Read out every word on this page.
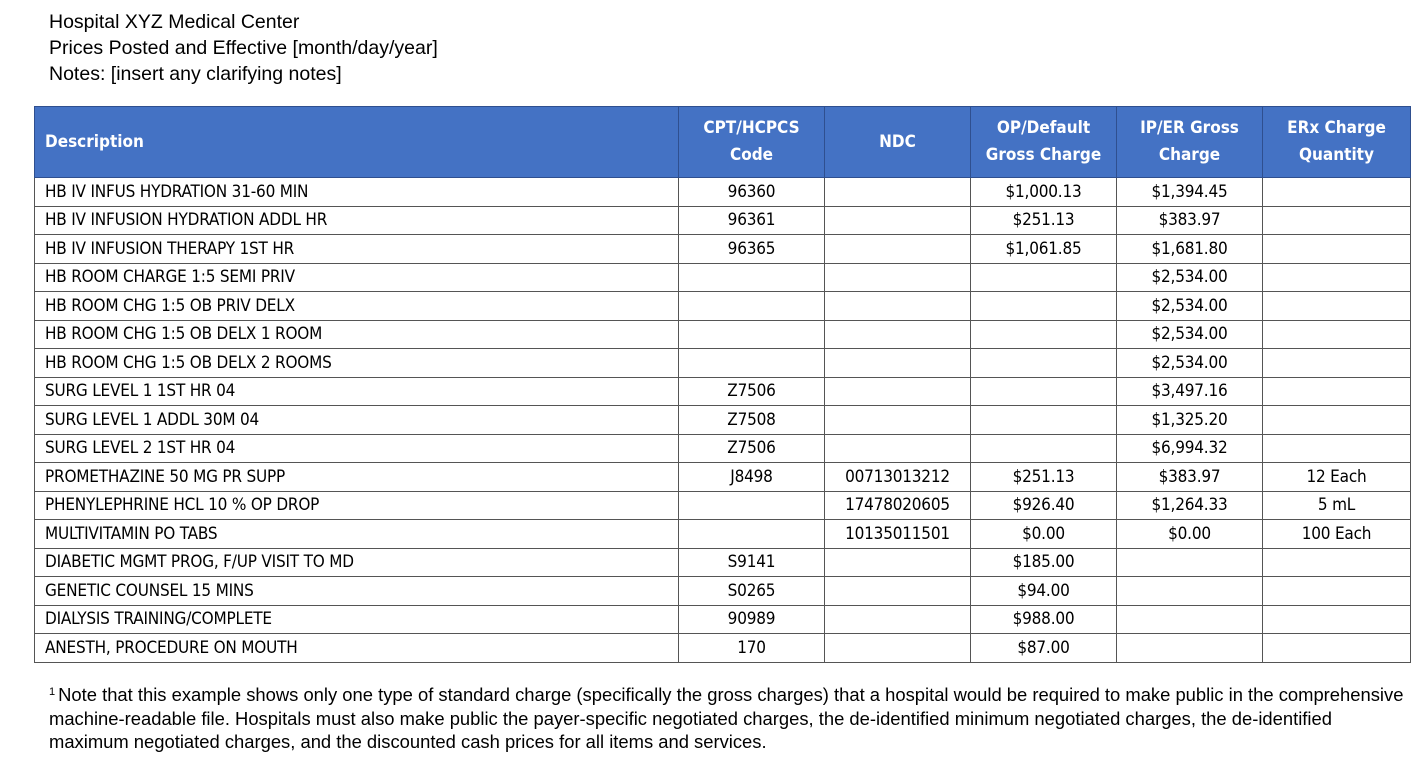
Hospital XYZ Medical Center
Prices Posted and Effective [month/day/year]
Notes: [insert any clarifying notes]
Description	CPT/HCPCS Code	NDC	OP/Default Gross Charge	IP/ER Gross Charge	ERx Charge Quantity
HB IV INFUS HYDRATION 31-60 MIN	96360		$1,000.13	$1,394.45	
HB IV INFUSION HYDRATION ADDL HR	96361		$251.13	$383.97	
HB IV INFUSION THERAPY 1ST HR	96365		$1,061.85	$1,681.80	
HB ROOM CHARGE 1:5 SEMI PRIV				$2,534.00	
HB ROOM CHG 1:5 OB PRIV DELX				$2,534.00	
HB ROOM CHG 1:5 OB DELX 1 ROOM				$2,534.00	
HB ROOM CHG 1:5 OB DELX 2 ROOMS				$2,534.00	
SURG LEVEL 1 1ST HR 04	Z7506			$3,497.16	
SURG LEVEL 1 ADDL 30M 04	Z7508			$1,325.20	
SURG LEVEL 2 1ST HR 04	Z7506			$6,994.32	
PROMETHAZINE 50 MG PR SUPP	J8498	00713013212	$251.13	$383.97	12 Each
PHENYLEPHRINE HCL 10 % OP DROP		17478020605	$926.40	$1,264.33	5 mL
MULTIVITAMIN PO TABS		10135011501	$0.00	$0.00	100 Each
DIABETIC MGMT PROG, F/UP VISIT TO MD	S9141		$185.00		
GENETIC COUNSEL 15 MINS	S0265		$94.00		
DIALYSIS TRAINING/COMPLETE	90989		$988.00		
ANESTH, PROCEDURE ON MOUTH	170		$87.00		
$^1$ Note that this example shows only one type of standard charge (specifically the gross charges) that a hospital would be required to make public in the comprehensive machine-readable file. Hospitals must also make public the payer-specific negotiated charges, the de-identified minimum negotiated charges, the de-identified maximum negotiated charges, and the discounted cash prices for all items and services.
